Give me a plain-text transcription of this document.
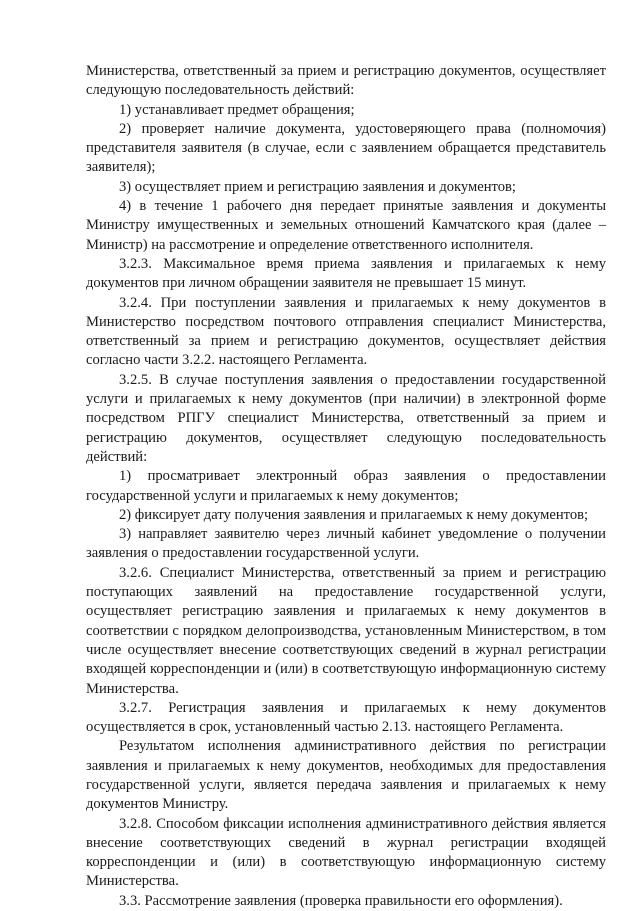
Министерства, ответственный за прием и регистрацию документов, осуществляет следующую последовательность действий:

1) устанавливает предмет обращения;

2) проверяет наличие документа, удостоверяющего права (полномочия) представителя заявителя (в случае, если с заявлением обращается представитель заявителя);

3) осуществляет прием и регистрацию заявления и документов;

4) в течение 1 рабочего дня передает принятые заявления и документы Министру имущественных и земельных отношений Камчатского края (далее – Министр) на рассмотрение и определение ответственного исполнителя.

3.2.3. Максимальное время приема заявления и прилагаемых к нему документов при личном обращении заявителя не превышает 15 минут.

3.2.4. При поступлении заявления и прилагаемых к нему документов в Министерство посредством почтового отправления специалист Министерства, ответственный за прием и регистрацию документов, осуществляет действия согласно части 3.2.2. настоящего Регламента.

3.2.5. В случае поступления заявления о предоставлении государственной услуги и прилагаемых к нему документов (при наличии) в электронной форме посредством РПГУ специалист Министерства, ответственный за прием и регистрацию документов, осуществляет следующую последовательность действий:

1) просматривает электронный образ заявления о предоставлении государственной услуги и прилагаемых к нему документов;

2) фиксирует дату получения заявления и прилагаемых к нему документов;

3) направляет заявителю через личный кабинет уведомление о получении заявления о предоставлении государственной услуги.

3.2.6. Специалист Министерства, ответственный за прием и регистрацию поступающих заявлений на предоставление государственной услуги, осуществляет регистрацию заявления и прилагаемых к нему документов в соответствии с порядком делопроизводства, установленным Министерством, в том числе осуществляет внесение соответствующих сведений в журнал регистрации входящей корреспонденции и (или) в соответствующую информационную систему Министерства.

3.2.7. Регистрация заявления и прилагаемых к нему документов осуществляется в срок, установленный частью 2.13. настоящего Регламента.

Результатом исполнения административного действия по регистрации заявления и прилагаемых к нему документов, необходимых для предоставления государственной услуги, является передача заявления и прилагаемых к нему документов Министру.

3.2.8. Способом фиксации исполнения административного действия является внесение соответствующих сведений в журнал регистрации входящей корреспонденции и (или) в соответствующую информационную систему Министерства.

3.3. Рассмотрение заявления (проверка правильности его оформления).
